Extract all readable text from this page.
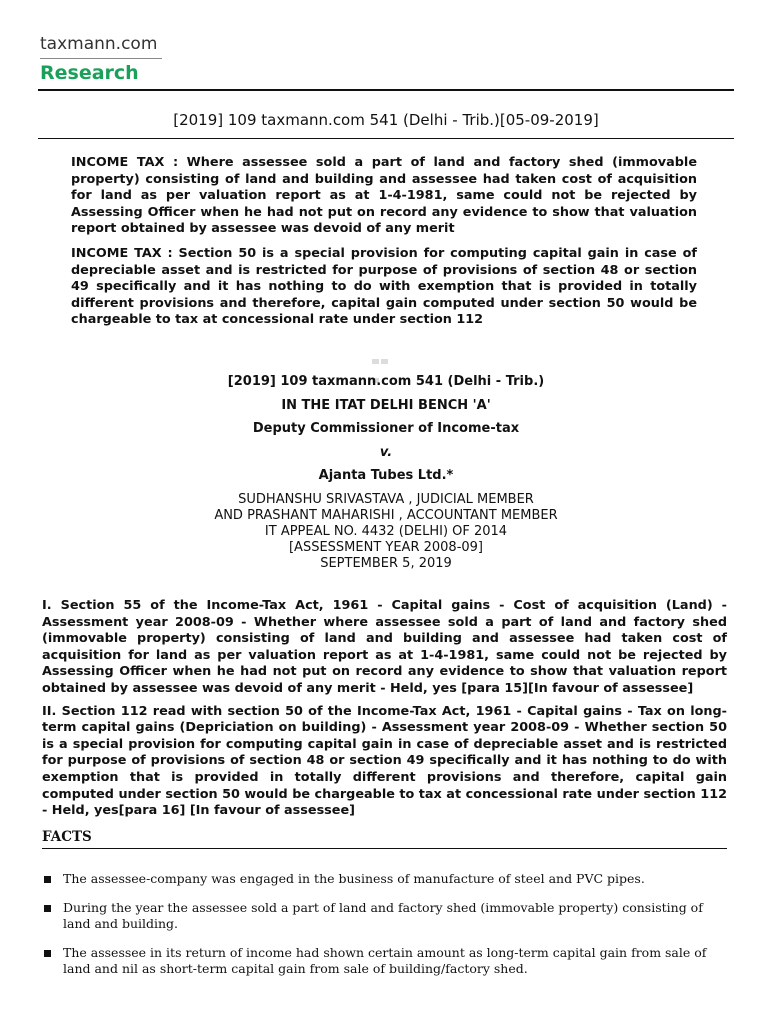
taxmann.com
Research
[2019] 109 taxmann.com 541 (Delhi - Trib.)[05-09-2019]

INCOME TAX : Where assessee sold a part of land and factory shed (immovable property) consisting of land and building and assessee had taken cost of acquisition for land as per valuation report as at 1-4-1981, same could not be rejected by Assessing Officer when he had not put on record any evidence to show that valuation report obtained by assessee was devoid of any merit

INCOME TAX : Section 50 is a special provision for computing capital gain in case of depreciable asset and is restricted for purpose of provisions of section 48 or section 49 specifically and it has nothing to do with exemption that is provided in totally different provisions and therefore, capital gain computed under section 50 would be chargeable to tax at concessional rate under section 112

[2019] 109 taxmann.com 541 (Delhi - Trib.)
IN THE ITAT DELHI BENCH 'A'
Deputy Commissioner of Income-tax
v.
Ajanta Tubes Ltd.*
SUDHANSHU SRIVASTAVA , JUDICIAL MEMBER
AND PRASHANT MAHARISHI , ACCOUNTANT MEMBER
IT APPEAL NO. 4432 (DELHI) OF 2014
[ASSESSMENT YEAR 2008-09]
SEPTEMBER 5, 2019

I. Section 55 of the Income-Tax Act, 1961 - Capital gains - Cost of acquisition (Land) - Assessment year 2008-09 - Whether where assessee sold a part of land and factory shed (immovable property) consisting of land and building and assessee had taken cost of acquisition for land as per valuation report as at 1-4-1981, same could not be rejected by Assessing Officer when he had not put on record any evidence to show that valuation report obtained by assessee was devoid of any merit - Held, yes [para 15][In favour of assessee]

II. Section 112 read with section 50 of the Income-Tax Act, 1961 - Capital gains - Tax on long-term capital gains (Depriciation on building) - Assessment year 2008-09 - Whether section 50 is a special provision for computing capital gain in case of depreciable asset and is restricted for purpose of provisions of section 48 or section 49 specifically and it has nothing to do with exemption that is provided in totally different provisions and therefore, capital gain computed under section 50 would be chargeable to tax at concessional rate under section 112 - Held, yes[para 16] [In favour of assessee]

FACTS
The assessee-company was engaged in the business of manufacture of steel and PVC pipes.
During the year the assessee sold a part of land and factory shed (immovable property) consisting of land and building.
The assessee in its return of income had shown certain amount as long-term capital gain from sale of land and nil as short-term capital gain from sale of building/factory shed.
